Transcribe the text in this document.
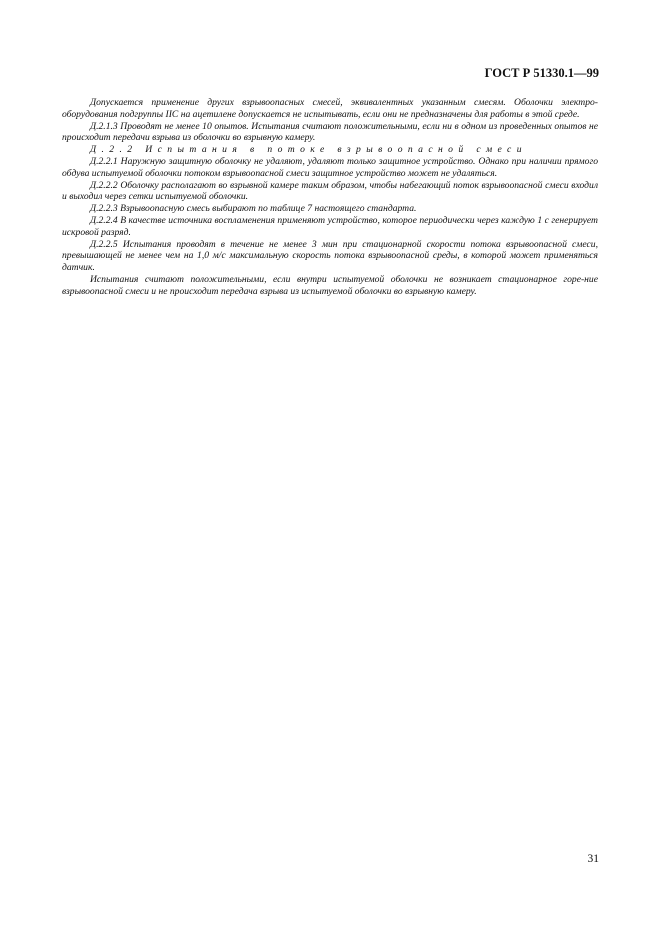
ГОСТ Р 51330.1—99

Допускается применение других взрывоопасных смесей, эквивалентных указанным смесям. Оболочки электро-оборудования подгруппы IIC на ацетилене допускается не испытывать, если они не предназначены для работы в этой среде.

Д.2.1.3 Проводят не менее 10 опытов. Испытания считают положительными, если ни в одном из проведенных опытов не происходит передачи взрыва из оболочки во взрывную камеру.

Д.2.2 Испытания в потоке взрывоопасной смеси

Д.2.2.1 Наружную защитную оболочку не удаляют, удаляют только защитное устройство. Однако при наличии прямого обдува испытуемой оболочки потоком взрывоопасной смеси защитное устройство может не удаляться.

Д.2.2.2 Оболочку располагают во взрывной камере таким образом, чтобы набегающий поток взрывоопасной смеси входил и выходил через сетки испытуемой оболочки.

Д.2.2.3 Взрывоопасную смесь выбирают по таблице 7 настоящего стандарта.

Д.2.2.4 В качестве источника воспламенения применяют устройство, которое периодически через каждую 1 с генерирует искровой разряд.

Д.2.2.5 Испытания проводят в течение не менее 3 мин при стационарной скорости потока взрывоопасной смеси, превышающей не менее чем на 1,0 м/с максимальную скорость потока взрывоопасной среды, в которой может применяться датчик.

Испытания считают положительными, если внутри испытуемой оболочки не возникает стационарное горе-ние взрывоопасной смеси и не происходит передача взрыва из испытуемой оболочки во взрывную камеру.

31
